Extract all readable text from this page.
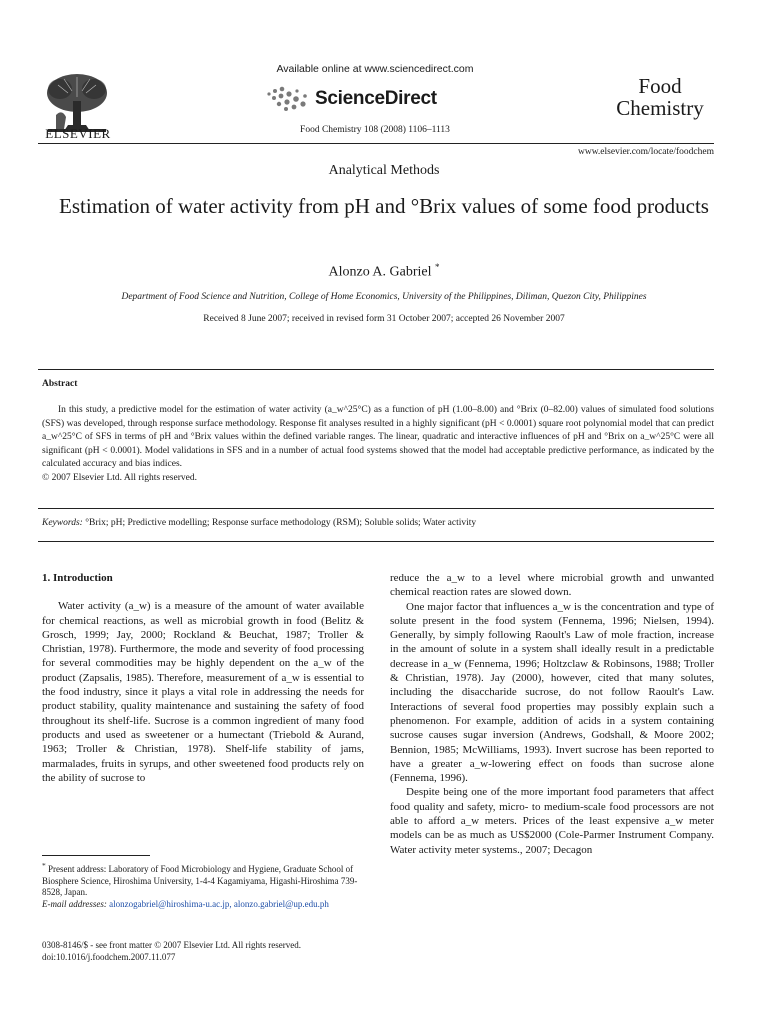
ELSEVIER
Available online at www.sciencedirect.com
ScienceDirect
Food Chemistry 108 (2008) 1106–1113
Food
Chemistry
www.elsevier.com/locate/foodchem
Analytical Methods
Estimation of water activity from pH and °Brix values of some food products
Alonzo A. Gabriel *
Department of Food Science and Nutrition, College of Home Economics, University of the Philippines, Diliman, Quezon City, Philippines
Received 8 June 2007; received in revised form 31 October 2007; accepted 26 November 2007
Abstract
In this study, a predictive model for the estimation of water activity (a_w^25°C) as a function of pH (1.00–8.00) and °Brix (0–82.00) values of simulated food solutions (SFS) was developed, through response surface methodology. Response fit analyses resulted in a highly significant (pH < 0.0001) square root polynomial model that can predict a_w^25°C of SFS in terms of pH and °Brix values within the defined variable ranges. The linear, quadratic and interactive influences of pH and °Brix on a_w^25°C were all significant (pH < 0.0001). Model validations in SFS and in a number of actual food systems showed that the model had acceptable predictive performance, as indicated by the calculated accuracy and bias indices.
© 2007 Elsevier Ltd. All rights reserved.
Keywords: °Brix; pH; Predictive modelling; Response surface methodology (RSM); Soluble solids; Water activity
1. Introduction
Water activity (a_w) is a measure of the amount of water available for chemical reactions, as well as microbial growth in food (Belitz & Grosch, 1999; Jay, 2000; Rockland & Beuchat, 1987; Troller & Christian, 1978). Furthermore, the mode and severity of food processing for several commodities may be highly dependent on the a_w of the product (Zapsalis, 1985). Therefore, measurement of a_w is essential to the food industry, since it plays a vital role in addressing the needs for product stability, quality maintenance and sustaining the safety of food throughout its shelf-life. Sucrose is a common ingredient of many food products and used as sweetener or a humectant (Triebold & Aurand, 1963; Troller & Christian, 1978). Shelf-life stability of jams, marmalades, fruits in syrups, and other sweetened food products rely on the ability of sucrose to
reduce the a_w to a level where microbial growth and unwanted chemical reaction rates are slowed down.
One major factor that influences a_w is the concentration and type of solute present in the food system (Fennema, 1996; Nielsen, 1994). Generally, by simply following Raoult's Law of mole fraction, increase in the amount of solute in a system shall ideally result in a predictable decrease in a_w (Fennema, 1996; Holtzclaw & Robinsons, 1988; Troller & Christian, 1978). Jay (2000), however, cited that many solutes, including the disaccharide sucrose, do not follow Raoult's Law. Interactions of several food properties may possibly explain such a phenomenon. For example, addition of acids in a system containing sucrose causes sugar inversion (Andrews, Godshall, & Moore 2002; Bennion, 1985; McWilliams, 1993). Invert sucrose has been reported to have a greater a_w-lowering effect on foods than sucrose alone (Fennema, 1996).
Despite being one of the more important food parameters that affect food quality and safety, micro- to medium-scale food processors are not able to afford a_w meters. Prices of the least expensive a_w meter models can be as much as US$2000 (Cole-Parmer Instrument Company. Water activity meter systems., 2007; Decagon
* Present address: Laboratory of Food Microbiology and Hygiene, Graduate School of Biosphere Science, Hiroshima University, 1-4-4 Kagamiyama, Higashi-Hiroshima 739-8528, Japan.
E-mail addresses: alonzogabriel@hiroshima-u.ac.jp, alonzo.gabriel@up.edu.ph
0308-8146/$ - see front matter © 2007 Elsevier Ltd. All rights reserved.
doi:10.1016/j.foodchem.2007.11.077
